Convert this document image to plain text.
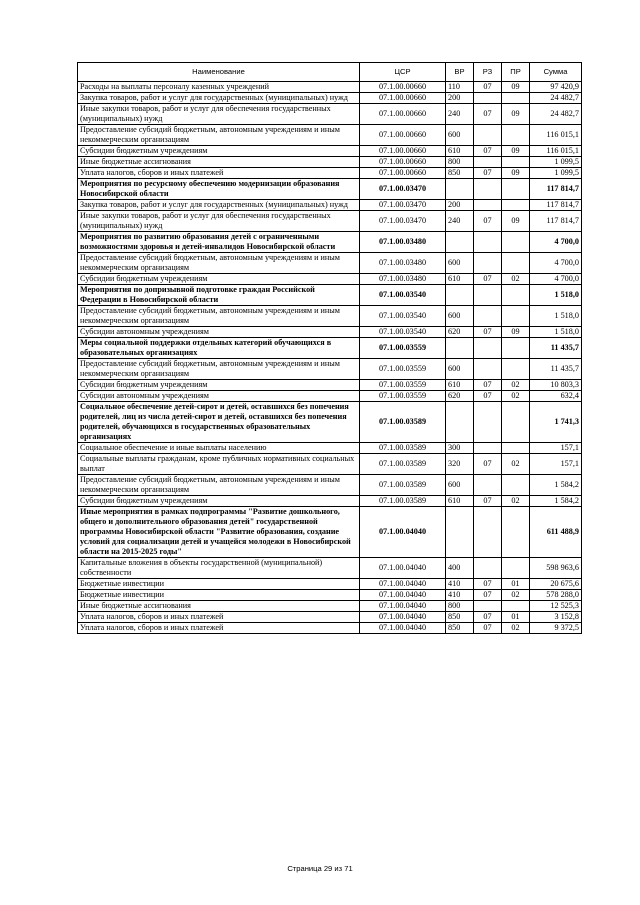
Наименование	ЦСР	ВР	РЗ	ПР	Сумма
Расходы на выплаты персоналу казенных учреждений	07.1.00.00660	110	07	09	97 420,9
Закупка товаров, работ и услуг для государственных (муниципальных) нужд	07.1.00.00660	200			24 482,7
Иные закупки товаров, работ и услуг для обеспечения государственных (муниципальных) нужд	07.1.00.00660	240	07	09	24 482,7
Предоставление субсидий бюджетным, автономным учреждениям и иным некоммерческим организациям	07.1.00.00660	600			116 015,1
Субсидии бюджетным учреждениям	07.1.00.00660	610	07	09	116 015,1
Иные бюджетные ассигнования	07.1.00.00660	800			1 099,5
Уплата налогов, сборов и иных платежей	07.1.00.00660	850	07	09	1 099,5
Мероприятия по ресурсному обеспечению модернизации образования Новосибирской области	07.1.00.03470				117 814,7
Закупка товаров, работ и услуг для государственных (муниципальных) нужд	07.1.00.03470	200			117 814,7
Иные закупки товаров, работ и услуг для обеспечения государственных (муниципальных) нужд	07.1.00.03470	240	07	09	117 814,7
Мероприятия по развитию образования детей с ограниченными возможностями здоровья и детей-инвалидов Новосибирской области	07.1.00.03480				4 700,0
Предоставление субсидий бюджетным, автономным учреждениям и иным некоммерческим организациям	07.1.00.03480	600			4 700,0
Субсидии бюджетным учреждениям	07.1.00.03480	610	07	02	4 700,0
Мероприятия по допризывной подготовке граждан Российской Федерации в Новосибирской области	07.1.00.03540				1 518,0
Предоставление субсидий бюджетным, автономным учреждениям и иным некоммерческим организациям	07.1.00.03540	600			1 518,0
Субсидии автономным учреждениям	07.1.00.03540	620	07	09	1 518,0
Меры социальной поддержки отдельных категорий обучающихся в образовательных организациях	07.1.00.03559				11 435,7
Предоставление субсидий бюджетным, автономным учреждениям и иным некоммерческим организациям	07.1.00.03559	600			11 435,7
Субсидии бюджетным учреждениям	07.1.00.03559	610	07	02	10 803,3
Субсидии автономным учреждениям	07.1.00.03559	620	07	02	632,4
Социальное обеспечение детей-сирот и детей, оставшихся без попечения родителей, лиц из числа детей-сирот и детей, оставшихся без попечения родителей, обучающихся в государственных образовательных организациях	07.1.00.03589				1 741,3
Социальное обеспечение и иные выплаты населению	07.1.00.03589	300			157,1
Социальные выплаты гражданам, кроме публичных нормативных социальных выплат	07.1.00.03589	320	07	02	157,1
Предоставление субсидий бюджетным, автономным учреждениям и иным некоммерческим организациям	07.1.00.03589	600			1 584,2
Субсидии бюджетным учреждениям	07.1.00.03589	610	07	02	1 584,2
Иные мероприятия в рамках подпрограммы "Развитие дошкольного, общего и дополнительного образования детей" государственной программы Новосибирской области "Развитие образования, создание условий для социализации детей и учащейся молодежи в Новосибирской области на 2015-2025 годы"	07.1.00.04040				611 488,9
Капитальные вложения в объекты государственной (муниципальной) собственности	07.1.00.04040	400			598 963,6
Бюджетные инвестиции	07.1.00.04040	410	07	01	20 675,6
Бюджетные инвестиции	07.1.00.04040	410	07	02	578 288,0
Иные бюджетные ассигнования	07.1.00.04040	800			12 525,3
Уплата налогов, сборов и иных платежей	07.1.00.04040	850	07	01	3 152,8
Уплата налогов, сборов и иных платежей	07.1.00.04040	850	07	02	9 372,5
Страница 29 из 71
